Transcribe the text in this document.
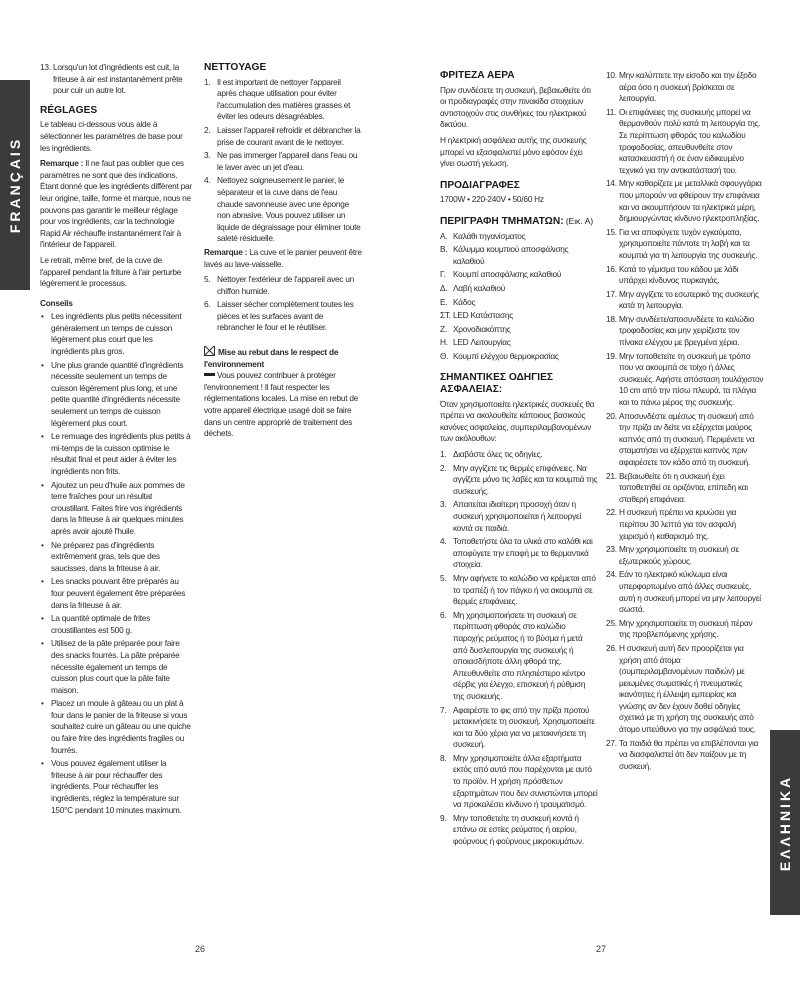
FRANÇAIS
ΕΛΛΗΝΙΚΑ
13. Lorsqu'un lot d'ingrédients est cuit, la friteuse à air est instantanément prête pour cuir un autre lot.
RÉGLAGES

Le tableau ci-dessous vous aide à sélectionner les paramètres de base pour les ingrédients.

Remarque : Il ne faut pas oublier que ces paramètres ne sont que des indications. Étant donné que les ingrédients diffèrent par leur origine, taille, forme et marque, nous ne pouvons pas garantir le meilleur réglage pour vos ingrédients, car la technologie Rapid Air réchauffe instantanément l'air à l'intérieur de l'appareil.

Le retrait, même bref, de la cuve de l'appareil pendant la friture à l'air perturbe légèrement le processus.

Conseils
• Les ingrédients plus petits nécessitent généralement un temps de cuisson légèrement plus court que les ingrédients plus gros.
• Une plus grande quantité d'ingrédients nécessite seulement un temps de cuisson légèrement plus long, et une petite quantité d'ingrédients nécessite seulement un temps de cuisson légèrement plus court.
• Le remuage des ingrédients plus petits à mi-temps de la cuisson optimise le résultat final et peut aider à éviter les ingrédients non frits.
• Ajoutez un peu d'huile aux pommes de terre fraîches pour un résultat croustillant. Faites frire vos ingrédients dans la friteuse à air quelques minutes après avoir ajouté l'huile.
• Ne préparez pas d'ingrédients extrêmement gras, tels que des saucisses, dans la friteuse à air.
• Les snacks pouvant être préparés au four peuvent également être préparées dans la friteuse à air.
• La quantité optimale de frites croustillantes est 500 g.
• Utilisez de la pâte préparée pour faire des snacks fourrés. La pâte préparée nécessite également un temps de cuisson plus court que la pâte faite maison.
• Placez un moule à gâteau ou un plat à four dans le panier de la friteuse si vous souhaitez cuire un gâteau ou une quiche ou faire frire des ingrédients fragiles ou fourrés.
• Vous pouvez également utiliser la friteuse à air pour réchauffer des ingrédients. Pour réchauffer les ingrédients, réglez la température sur 150°C pendant 10 minutes maximum.
NETTOYAGE
1. Il est important de nettoyer l'appareil après chaque utilisation pour éviter l'accumulation des matières grasses et éviter les odeurs désagréables.
2. Laisser l'appareil refroidir et débrancher la prise de courant avant de le nettoyer.
3. Ne pas immerger l'appareil dans l'eau ou le laver avec un jet d'eau.
4. Nettoyez soigneusement le panier, le séparateur et la cuve dans de l'eau chaude savonneuse avec une éponge non abrasive. Vous pouvez utiliser un liquide de dégraissage pour éliminer toute saleté résiduelle.

Remarque : La cuve et le panier peuvent être lavés au lave-vaisselle.

5. Nettoyer l'extérieur de l'appareil avec un chiffon humide.
6. Laisser sécher complètement toutes les pièces et les surfaces avant de rebrancher le four et le réutiliser.
Mise au rebut dans le respect de l'environnement

Vous pouvez contribuer à protéger l'environnement ! Il faut respecter les réglementations locales. La mise en rebut de votre appareil électrique usagé doit se faire dans un centre approprié de traitement des déchets.

ΦΡΙΤΕΖΑ ΑΕΡΑ

Πριν συνδέσετε τη συσκευή, βεβαιωθείτε ότι οι προδιαγραφές στην πινακίδα στοιχείων αντιστοιχούν στις συνθήκες του ηλεκτρικού δικτύου.

Η ηλεκτρική ασφάλεια αυτής της συσκευής μπορεί να εξασφαλιστεί μόνο εφόσον έχει γίνει σωστή γείωση.

ΠΡΟΔΙΑΓΡΑΦΕΣ

1700W • 220-240V • 50/60 Hz

ΠΕΡΙΓΡΑΦΗ ΤΜΗΜΑΤΩΝ: (Εικ. A)
A. Καλάθι τηγανίσματος
B. Κάλυμμα κουμπιού αποσφάλισης καλαθιού
Γ. Κουμπί αποσφάλισης καλαθιού
Δ. Λαβή καλαθιού
E. Κάδος
ΣΤ. LED Κατάστασης
Z. Χρονοδιακόπτης
H. LED Λειτουργίας
Θ. Κουμπί ελέγχου θερμοκρασίας
ΣΗΜΑΝΤΙΚΕΣ ΟΔΗΓΙΕΣ ΑΣΦΑΛΕΙΑΣ:

Όταν χρησιμοποιείτε ηλεκτρικές συσκευές θα πρέπει να ακολουθείτε κάποιους βασικούς κανόνες ασφαλείας, συμπεριλαμβανομένων των ακόλουθων:

1. Διαβάστε όλες τις οδηγίες.
2. Μην αγγίζετε τις θερμές επιφάνειες. Να αγγίζετε μόνο τις λαβές και τα κουμπιά της συσκευής.
3. Απαιτείται ιδιαίτερη προσοχή όταν η συσκευή χρησιμοποιείται ή λειτουργεί κοντά σε παιδιά.
4. Τοποθετήστε όλα τα υλικά στο καλάθι και αποφύγετε την επαφή με τα θερμαντικά στοιχεία.
5. Μην αφήνετε το καλώδιο να κρέμεται από το τραπέζι ή τον πάγκο ή να ακουμπά σε θερμές επιφάνειες.
6. Μη χρησιμοποιήσετε τη συσκευή σε περίπτωση φθοράς στο καλώδιο παροχής ρεύματος ή το βύσμα ή μετά από δυσλειτουργία της συσκευής ή οποιασδήποτε άλλη φθορά της. Απευθυνθείτε στο πλησιέστερο κέντρο σέρβις για έλεγχο, επισκευή ή ρύθμιση της συσκευής.
7. Αφαιρέστε το φις από την πρίζα προτού μετακινήσετε τη συσκευή. Χρησιμοποιείτε και τα δύο χέρια για να μετακινήσετε τη συσκευή.
8. Μην χρησιμοποιείτε άλλα εξαρτήματα εκτός από αυτά που παρέχονται με αυτό το προϊόν. Η χρήση πρόσθετων εξαρτημάτων που δεν συνιστώνται μπορεί να προκαλέσει κίνδυνο ή τραυματισμό.
9. Μην τοποθετείτε τη συσκευή κοντά ή επάνω σε εστίες ρεύματος ή αερίου, φούρνους ή φούρνους μικροκυμάτων.
10. Μην καλύπτετε την είσοδο και την έξοδο αέρα όσο η συσκευή βρίσκεται σε λειτουργία.
11. Οι επιφάνειες της συσκευής μπορεί να θερμανθούν πολύ κατά τη λειτουργία της. Σε περίπτωση φθοράς του καλωδίου τροφοδοσίας, απευθυνθείτε στον κατασκευαστή ή σε έναν ειδικευμένο τεχνικό για την αντικατάστασή του.
14. Μην καθαρίζετε με μεταλλικά σφουγγάρια που μπορούν να φθείρουν την επιφάνεια και να ακουμπήσουν τα ηλεκτρικά μέρη, δημιουργώντας κίνδυνο ηλεκτροπληξίας.
15. Για να αποφύγετε τυχόν εγκαύματα, χρησιμοποιείτε πάντοτε τη λαβή και τα κουμπιά για τη λειτουργία της συσκευής.
16. Κατά το γέμισμα του κάδου με λάδι υπάρχει κίνδυνος πυρκαγιάς.
17. Μην αγγίζετε το εσωτερικό της συσκευής κατά τη λειτουργία.
18. Μην συνδέετε/αποσυνδέετε το καλώδιο τροφοδοσίας και μην χειρίζεστε τον πίνακα ελέγχου με βρεγμένα χέρια.
19. Μην τοποθετείτε τη συσκευή με τρόπο που να ακουμπά σε τοίχο ή άλλες συσκευές. Αφήστε απόσταση τουλάχιστον 10 cm από την πίσω πλευρά, τα πλάγια και το πάνω μέρος της συσκευής.
20. Αποσυνδέστε αμέσως τη συσκευή από την πρίζα αν δείτε να εξέρχεται μαύρος καπνός από τη συσκευή. Περιμένετε να σταματήσει να εξέρχεται καπνός πριν αφαιρέσετε τον κάδο από τη συσκευή.
21. Βεβαιωθείτε ότι η συσκευή έχει τοποθετηθεί σε οριζόντια, επίπεδη και σταθερή επιφάνεια.
22. Η συσκευή πρέπει να κρυώσει για περίπου 30 λεπτά για τον ασφαλή χειρισμό ή καθαρισμό της.
23. Μην χρησιμοποιείτε τη συσκευή σε εξωτερικούς χώρους.
24. Εάν το ηλεκτρικό κύκλωμα είναι υπερφορτωμένο από άλλες συσκευές, αυτή η συσκευή μπορεί να μην λειτουργεί σωστά.
25. Μην χρησιμοποιείτε τη συσκευή πέραν της προβλεπόμενης χρήσης.
26. Η συσκευή αυτή δεν προορίζεται για χρήση από άτομα (συμπεριλαμβανομένων παιδιών) με μειωμένες σωματικές ή πνευματικές ικανότητες ή έλλειψη εμπειρίας και γνώσης αν δεν έχουν δοθεί οδηγίες σχετικά με τη χρήση της συσκευής από άτομο υπεύθυνο για την ασφάλειά τους.
27. Τα παιδιά θα πρέπει να επιβλέπονται για να διασφαλιστεί ότι δεν παίζουν με τη συσκευή.
26	27
